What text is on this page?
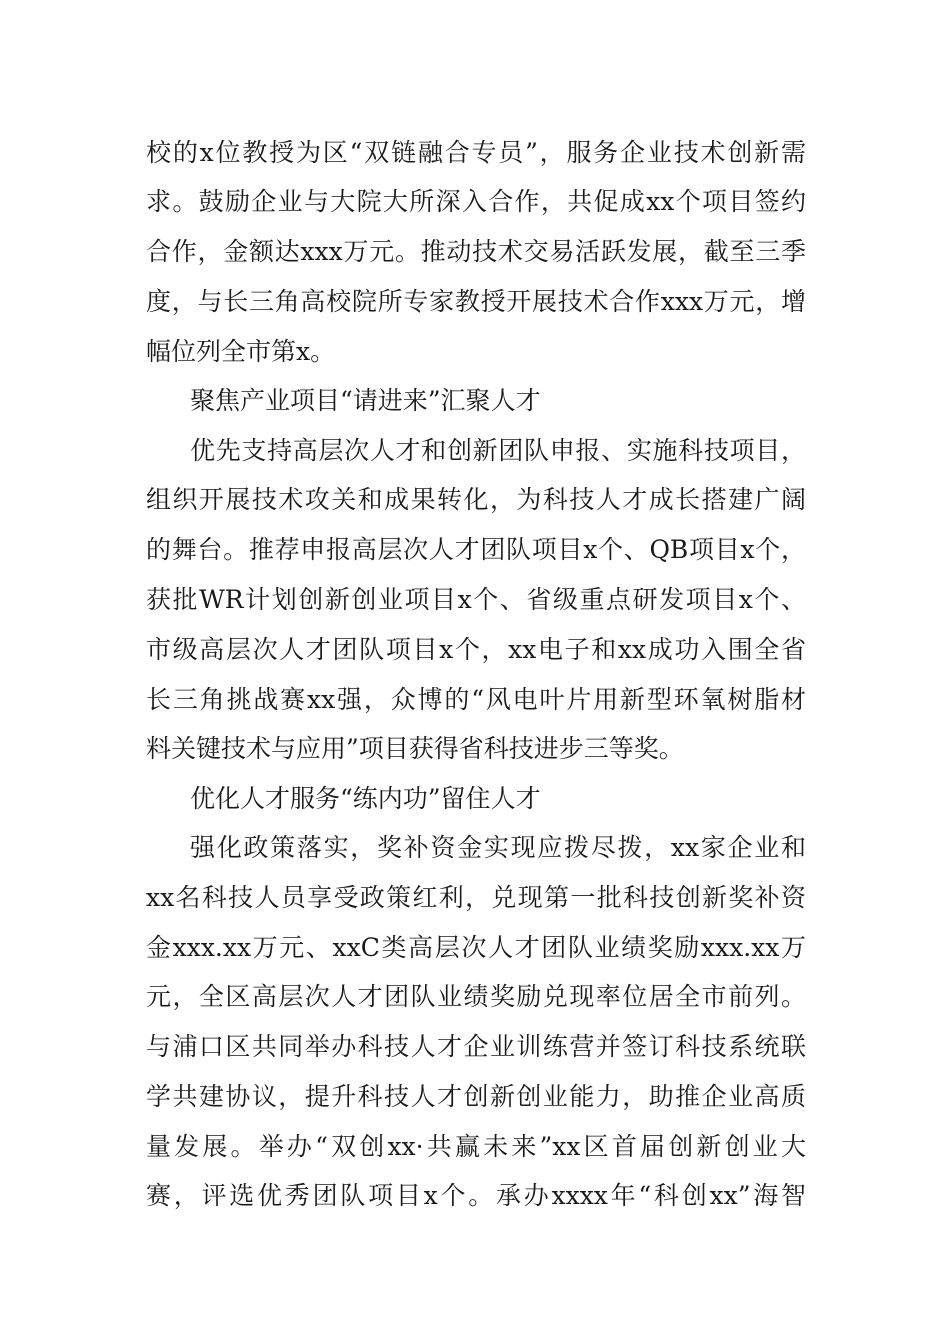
校的x位教授为区“双链融合专员”，服务企业技术创新需
求。鼓励企业与大院大所深入合作，共促成xx个项目签约
合作，金额达xxx万元。推动技术交易活跃发展，截至三季
度，与长三角高校院所专家教授开展技术合作xxx万元，增
幅位列全市第x。
聚焦产业项目“请进来”汇聚人才
优先支持高层次人才和创新团队申报、实施科技项目，
组织开展技术攻关和成果转化，为科技人才成长搭建广阔
的舞台。推荐申报高层次人才团队项目x个、QB项目x个，
获批WR计划创新创业项目x个、省级重点研发项目x个、
市级高层次人才团队项目x个，xx电子和xx成功入围全省
长三角挑战赛xx强，众博的“风电叶片用新型环氧树脂材
料关键技术与应用”项目获得省科技进步三等奖。
优化人才服务“练内功”留住人才
强化政策落实，奖补资金实现应拨尽拨，xx家企业和
xx名科技人员享受政策红利，兑现第一批科技创新奖补资
金xxx.xx万元、xxC类高层次人才团队业绩奖励xxx.xx万
元，全区高层次人才团队业绩奖励兑现率位居全市前列。
与浦口区共同举办科技人才企业训练营并签订科技系统联
学共建协议，提升科技人才创新创业能力，助推企业高质
量发展。举办“双创xx·共赢未来”xx区首届创新创业大
赛，评选优秀团队项目x个。承办xxxx年“科创xx”海智
